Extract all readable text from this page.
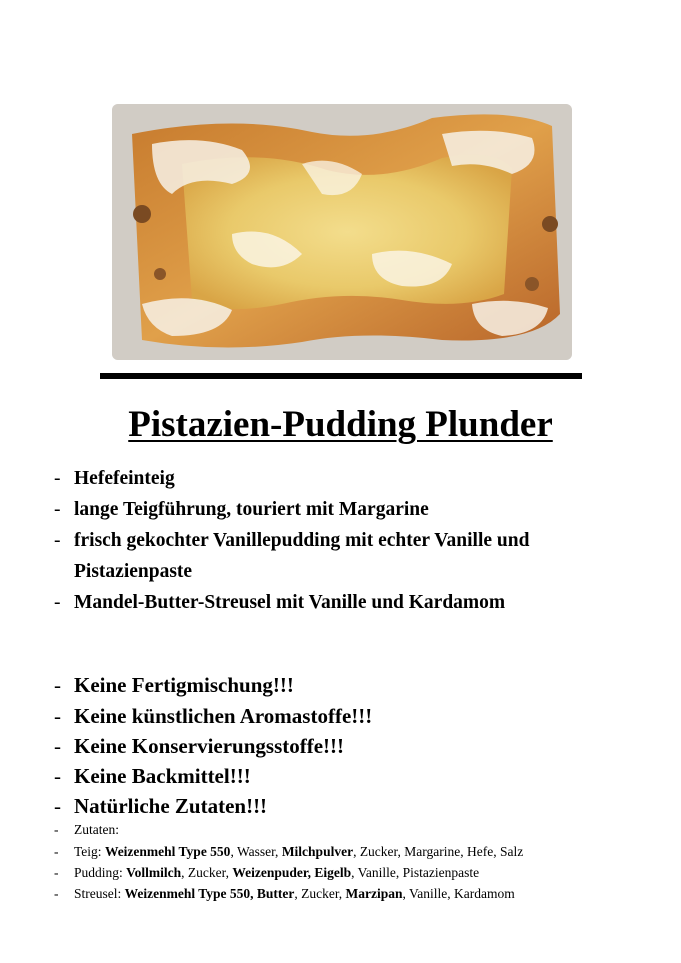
Pistazien-Pudding Plunder
- Hefefeinteig
- lange Teigführung, touriert mit Margarine
- frisch gekochter Vanillepudding mit echter Vanille und
Pistazienpaste
- Mandel-Butter-Streusel mit Vanille und Kardamom
- Keine Fertigmischung!!!
- Keine künstlichen Aromastoffe!!!
- Keine Konservierungsstoffe!!!
- Keine Backmittel!!!
- Natürliche Zutaten!!!
- Zutaten:
- Teig: Weizenmehl Type 550, Wasser, Milchpulver, Zucker, Margarine, Hefe, Salz
- Pudding: Vollmilch, Zucker, Weizenpuder, Eigelb, Vanille, Pistazienpaste
- Streusel: Weizenmehl Type 550, Butter, Zucker, Marzipan, Vanille, Kardamom
